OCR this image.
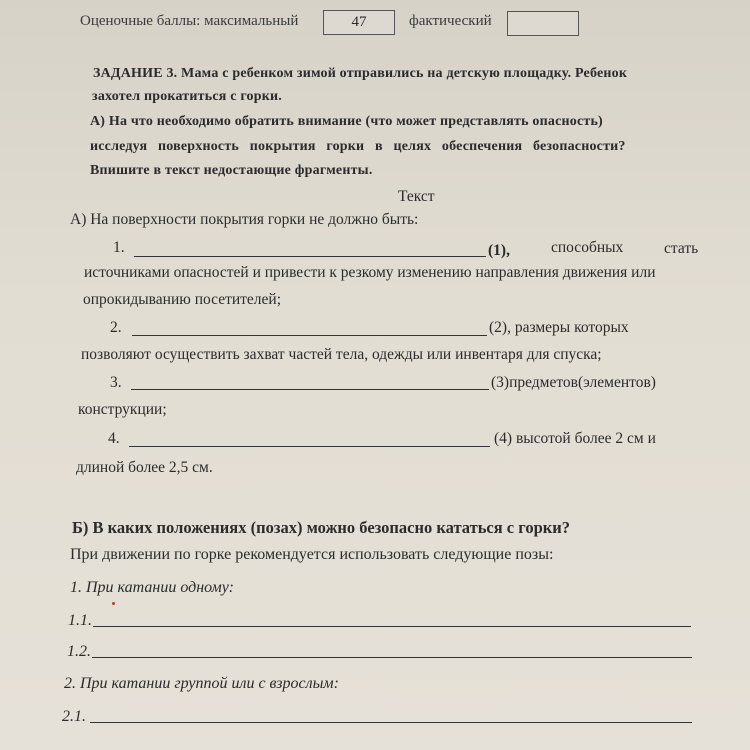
Оценочные баллы: максимальный	47	фактический
ЗАДАНИЕ 3. Мама с ребенком зимой отправились на детскую площадку. Ребенок
захотел прокатиться с горки.
А) На что необходимо обратить внимание (что может представлять опасность)
исследуя поверхность покрытия горки в целях обеспечения безопасности?
Впишите в текст недостающие фрагменты.
Текст
А) На поверхности покрытия горки не должно быть:
1.	(1),	способных	стать
источниками опасностей и привести к резкому изменению направления движения или
опрокидыванию посетителей;
2.	(2), размеры которых
позволяют осуществить захват частей тела, одежды или инвентаря для спуска;
3.	(3)предметов(элементов)
конструкции;
4.	(4) высотой более 2 см и
длиной более 2,5 см.
Б) В каких положениях (позах) можно безопасно кататься с горки?
При движении по горке рекомендуется использовать следующие позы:
1. При катании одному:
1.1.
1.2.
2. При катании группой или с взрослым:
2.1.
